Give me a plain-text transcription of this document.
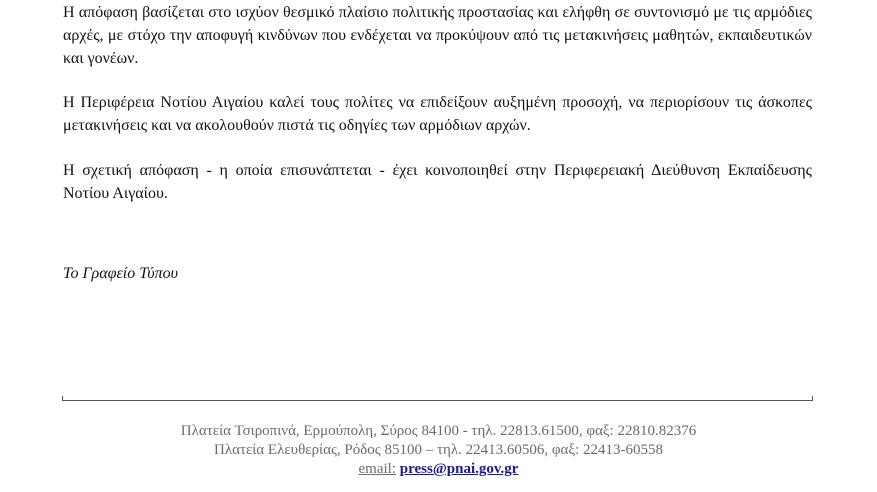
Η απόφαση βασίζεται στο ισχύον θεσμικό πλαίσιο πολιτικής προστασίας και ελήφθη σε συντονισμό με τις αρμόδιες αρχές, με στόχο την αποφυγή κινδύνων που ενδέχεται να προκύψουν από τις μετακινήσεις μαθητών, εκπαιδευτικών και γονέων.

Η Περιφέρεια Νοτίου Αιγαίου καλεί τους πολίτες να επιδείξουν αυξημένη προσοχή, να περιορίσουν τις άσκοπες μετακινήσεις και να ακολουθούν πιστά τις οδηγίες των αρμόδιων αρχών.

Η σχετική απόφαση - η οποία επισυνάπτεται - έχει κοινοποιηθεί στην Περιφερειακή Διεύθυνση Εκπαίδευσης Νοτίου Αιγαίου.

Το Γραφείο Τύπου

Πλατεία Τσιροπινά, Ερμούπολη, Σύρος 84100 - τηλ. 22813.61500, φαξ: 22810.82376
Πλατεία Ελευθερίας, Ρόδος 85100 – τηλ. 22413.60506, φαξ: 22413-60558
email: press@pnai.gov.gr
